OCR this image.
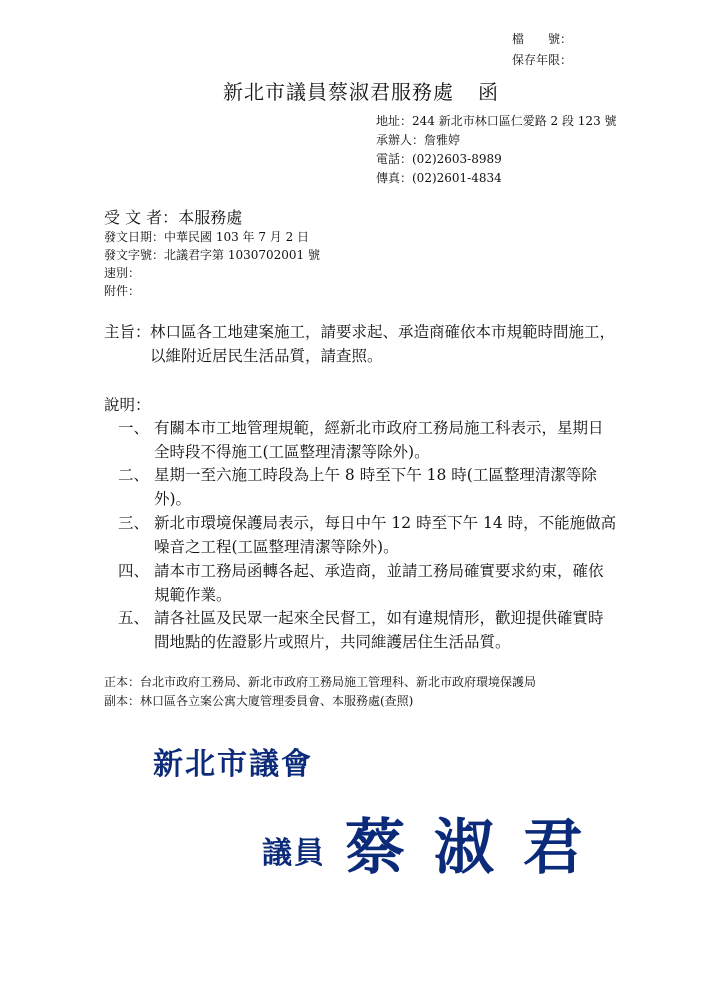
檔　　號：
保存年限：
新北市議員蔡淑君服務處 函
地址：244 新北市林口區仁愛路 2 段 123 號
承辦人：詹雅婷
電話：(02)2603-8989
傳真：(02)2601-4834
受 文 者：本服務處
發文日期：中華民國 103 年 7 月 2 日
發文字號：北議君字第 1030702001 號
速別：
附件：
主旨： 林口區各工地建案施工，請要求起、承造商確依本市規範時間施工，以維附近居民生活品質，請查照。
說明：
一、 有關本市工地管理規範，經新北市政府工務局施工科表示，星期日全時段不得施工(工區整理清潔等除外)。
二、 星期一至六施工時段為上午 8 時至下午 18 時(工區整理清潔等除外)。
三、 新北市環境保護局表示，每日中午 12 時至下午 14 時，不能施做高噪音之工程(工區整理清潔等除外)。
四、 請本市工務局函轉各起、承造商，並請工務局確實要求約束，確依規範作業。
五、 請各社區及民眾一起來全民督工，如有違規情形，歡迎提供確實時間地點的佐證影片或照片，共同維護居住生活品質。
正本：台北市政府工務局、新北市政府工務局施工管理科、新北市政府環境保護局
副本：林口區各立案公寓大廈管理委員會、本服務處(查照)
新北市議會
議員 蔡 淑 君
